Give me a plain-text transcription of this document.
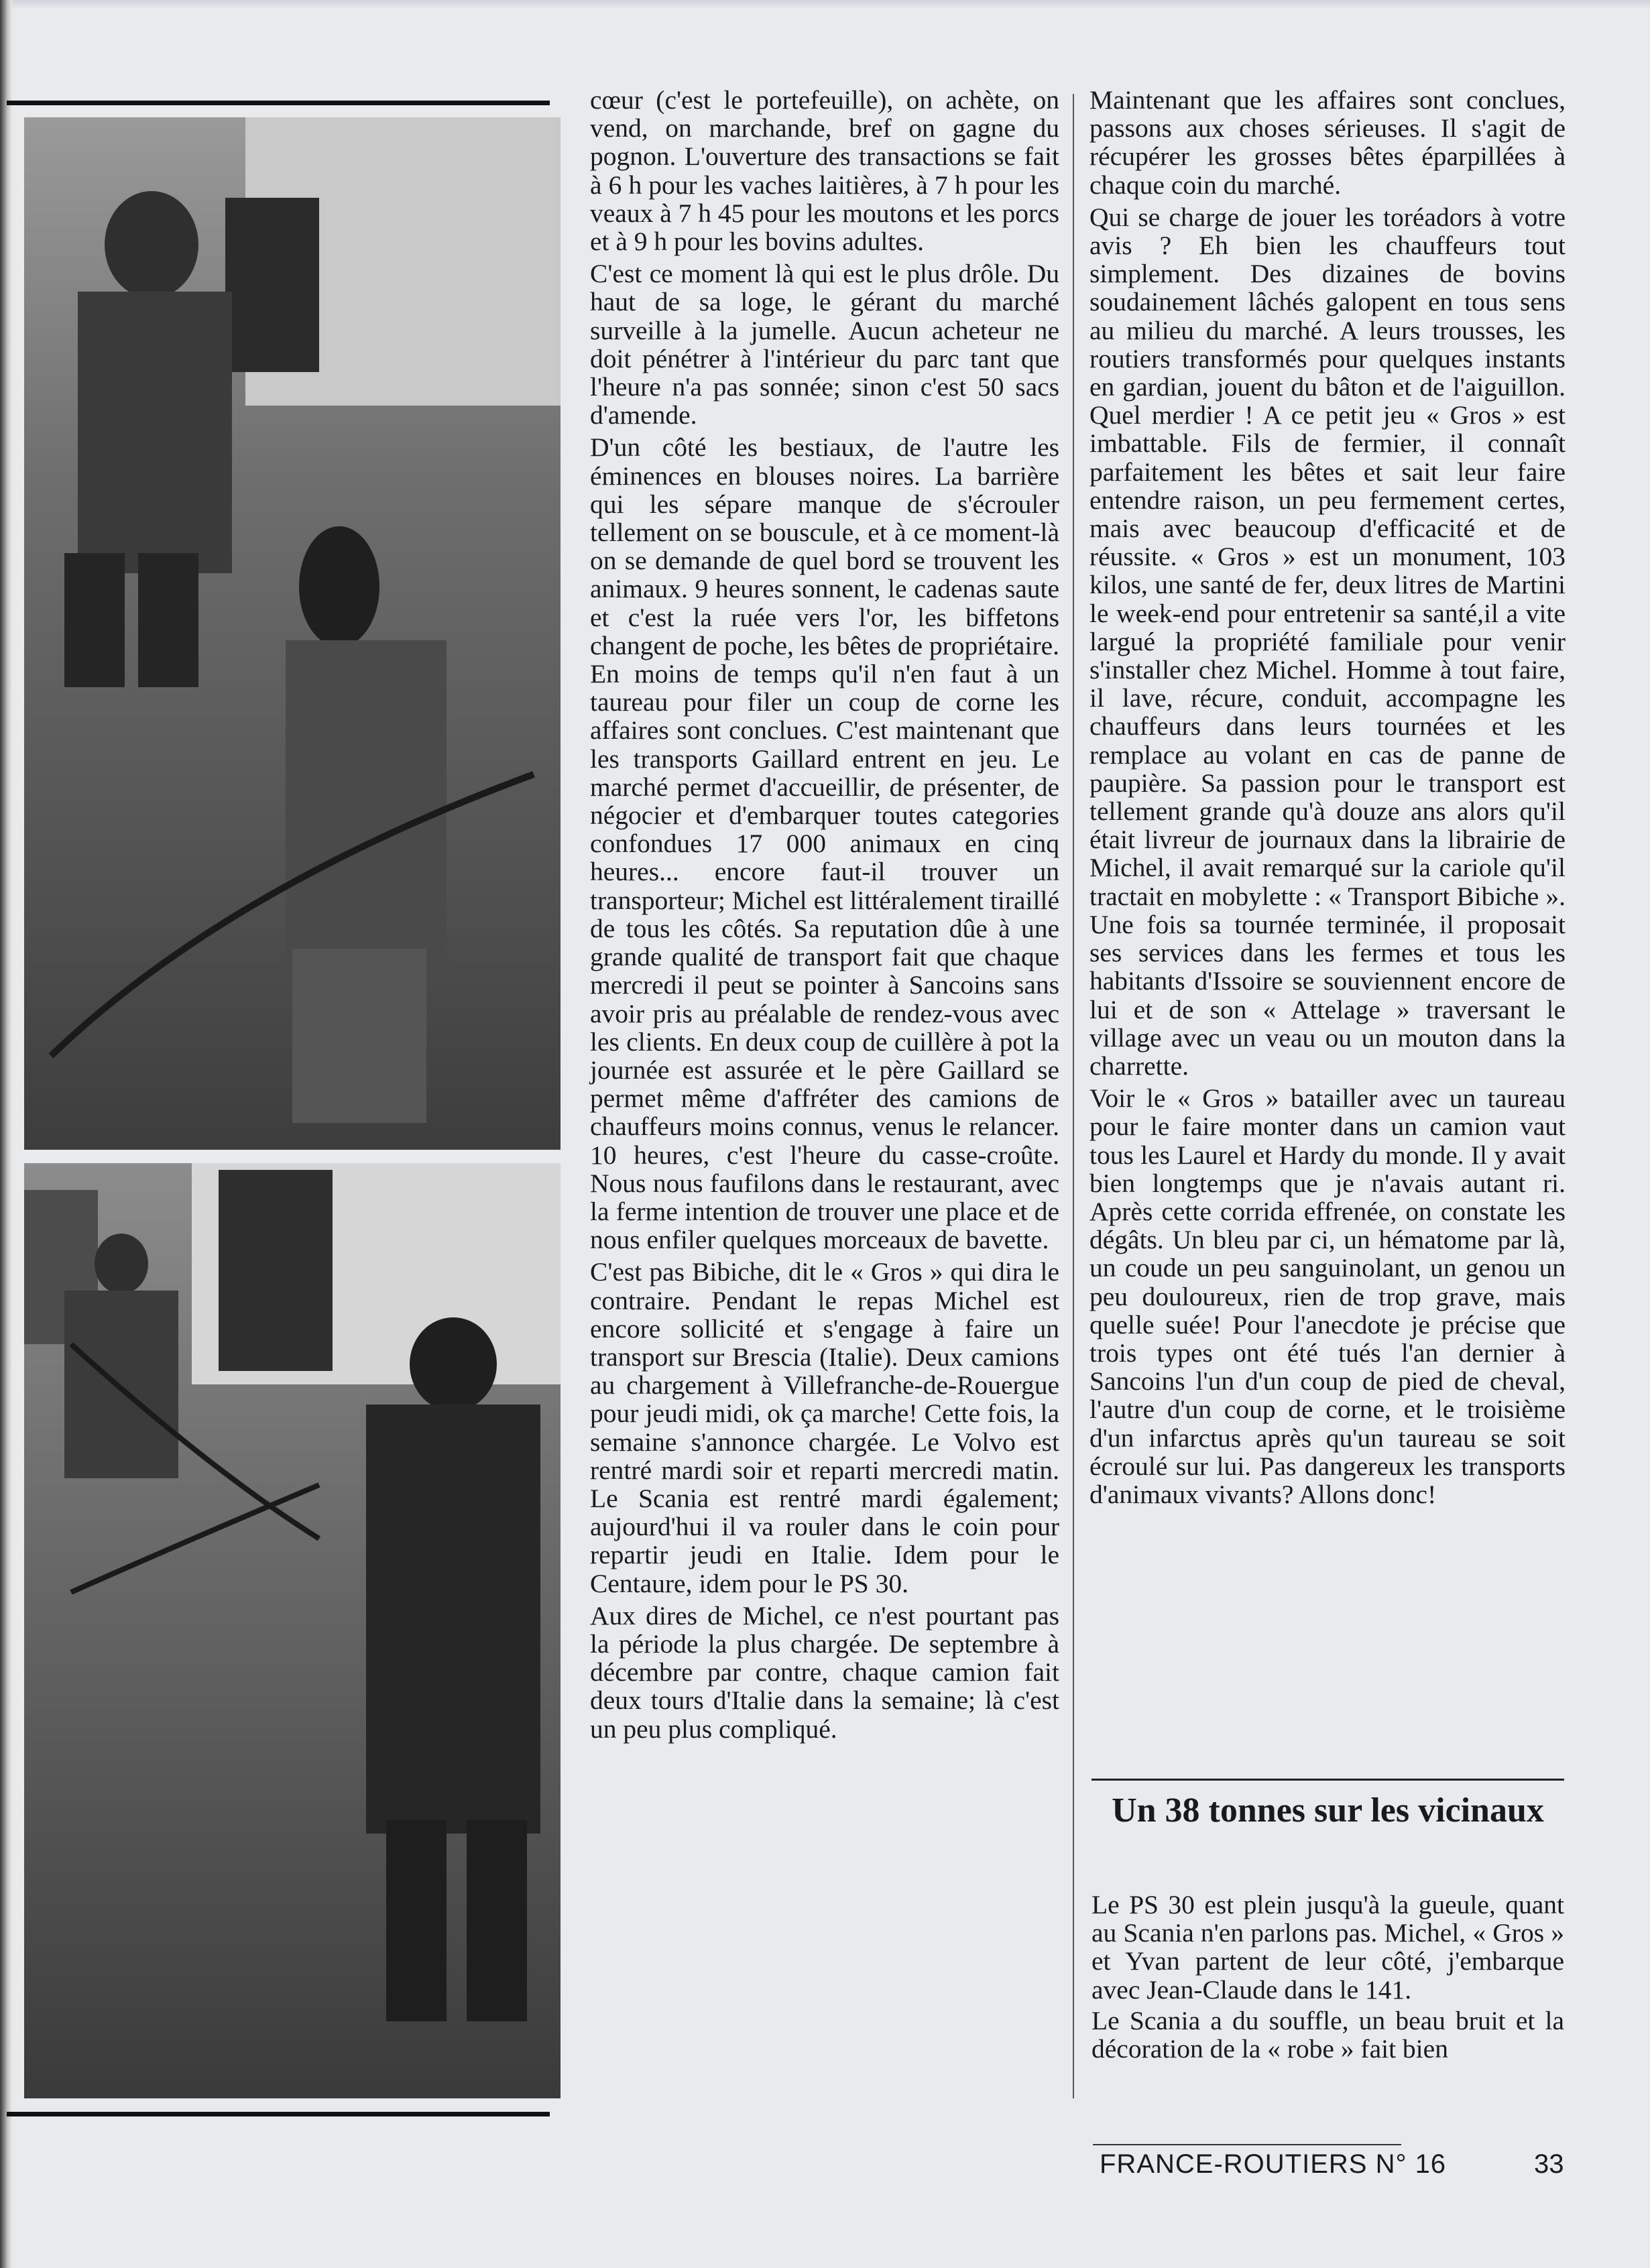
cœur (c'est le portefeuille), on achète, on vend, on marchande, bref on gagne du pognon. L'ouverture des transactions se fait à 6 h pour les vaches laitières, à 7 h pour les veaux à 7 h 45 pour les moutons et les porcs et à 9 h pour les bovins adultes.

C'est ce moment là qui est le plus drôle. Du haut de sa loge, le gérant du marché surveille à la jumelle. Aucun acheteur ne doit pénétrer à l'intérieur du parc tant que l'heure n'a pas sonnée; sinon c'est 50 sacs d'amende.

D'un côté les bestiaux, de l'autre les éminences en blouses noires. La barrière qui les sépare manque de s'écrouler tellement on se bouscule, et à ce moment-là on se demande de quel bord se trouvent les animaux. 9 heures sonnent, le cadenas saute et c'est la ruée vers l'or, les biffetons changent de poche, les bêtes de propriétaire. En moins de temps qu'il n'en faut à un taureau pour filer un coup de corne les affaires sont conclues. C'est maintenant que les transports Gaillard entrent en jeu. Le marché permet d'accueillir, de présenter, de négocier et d'embarquer toutes categories confondues 17 000 animaux en cinq heures... encore faut-il trouver un transporteur; Michel est littéralement tiraillé de tous les côtés. Sa reputation dûe à une grande qualité de transport fait que chaque mercredi il peut se pointer à Sancoins sans avoir pris au préalable de rendez-vous avec les clients. En deux coup de cuillère à pot la journée est assurée et le père Gaillard se permet même d'affréter des camions de chauffeurs moins connus, venus le relancer. 10 heures, c'est l'heure du casse-croûte. Nous nous faufilons dans le restaurant, avec la ferme intention de trouver une place et de nous enfiler quelques morceaux de bavette.

C'est pas Bibiche, dit le « Gros » qui dira le contraire. Pendant le repas Michel est encore sollicité et s'engage à faire un transport sur Brescia (Italie). Deux camions au chargement à Villefranche-de-Rouergue pour jeudi midi, ok ça marche! Cette fois, la semaine s'annonce chargée. Le Volvo est rentré mardi soir et reparti mercredi matin. Le Scania est rentré mardi également; aujourd'hui il va rouler dans le coin pour repartir jeudi en Italie. Idem pour le Centaure, idem pour le PS 30.

Aux dires de Michel, ce n'est pourtant pas la période la plus chargée. De septembre à décembre par contre, chaque camion fait deux tours d'Italie dans la semaine; là c'est un peu plus compliqué.

Maintenant que les affaires sont conclues, passons aux choses sérieuses. Il s'agit de récupérer les grosses bêtes éparpillées à chaque coin du marché.

Qui se charge de jouer les toréadors à votre avis ? Eh bien les chauffeurs tout simplement. Des dizaines de bovins soudainement lâchés galopent en tous sens au milieu du marché. A leurs trousses, les routiers transformés pour quelques instants en gardian, jouent du bâton et de l'aiguillon. Quel merdier ! A ce petit jeu « Gros » est imbattable. Fils de fermier, il connaît parfaitement les bêtes et sait leur faire entendre raison, un peu fermement certes, mais avec beaucoup d'efficacité et de réussite. « Gros » est un monument, 103 kilos, une santé de fer, deux litres de Martini le week-end pour entretenir sa santé,il a vite largué la propriété familiale pour venir s'installer chez Michel. Homme à tout faire, il lave, récure, conduit, accompagne les chauffeurs dans leurs tournées et les remplace au volant en cas de panne de paupière. Sa passion pour le transport est tellement grande qu'à douze ans alors qu'il était livreur de journaux dans la librairie de Michel, il avait remarqué sur la cariole qu'il tractait en mobylette : « Transport Bibiche ». Une fois sa tournée terminée, il proposait ses services dans les fermes et tous les habitants d'Issoire se souviennent encore de lui et de son « Attelage » traversant le village avec un veau ou un mouton dans la charrette.

Voir le « Gros » batailler avec un taureau pour le faire monter dans un camion vaut tous les Laurel et Hardy du monde. Il y avait bien longtemps que je n'avais autant ri. Après cette corrida effrenée, on constate les dégâts. Un bleu par ci, un hématome par là, un coude un peu sanguinolant, un genou un peu douloureux, rien de trop grave, mais quelle suée! Pour l'anecdote je précise que trois types ont été tués l'an dernier à Sancoins l'un d'un coup de pied de cheval, l'autre d'un coup de corne, et le troisième d'un infarctus après qu'un taureau se soit écroulé sur lui. Pas dangereux les transports d'animaux vivants? Allons donc!

Un 38 tonnes sur les vicinaux

Le PS 30 est plein jusqu'à la gueule, quant au Scania n'en parlons pas. Michel, « Gros » et Yvan partent de leur côté, j'embarque avec Jean-Claude dans le 141.

Le Scania a du souffle, un beau bruit et la décoration de la « robe » fait bien

FRANCE-ROUTIERS N° 16	33
